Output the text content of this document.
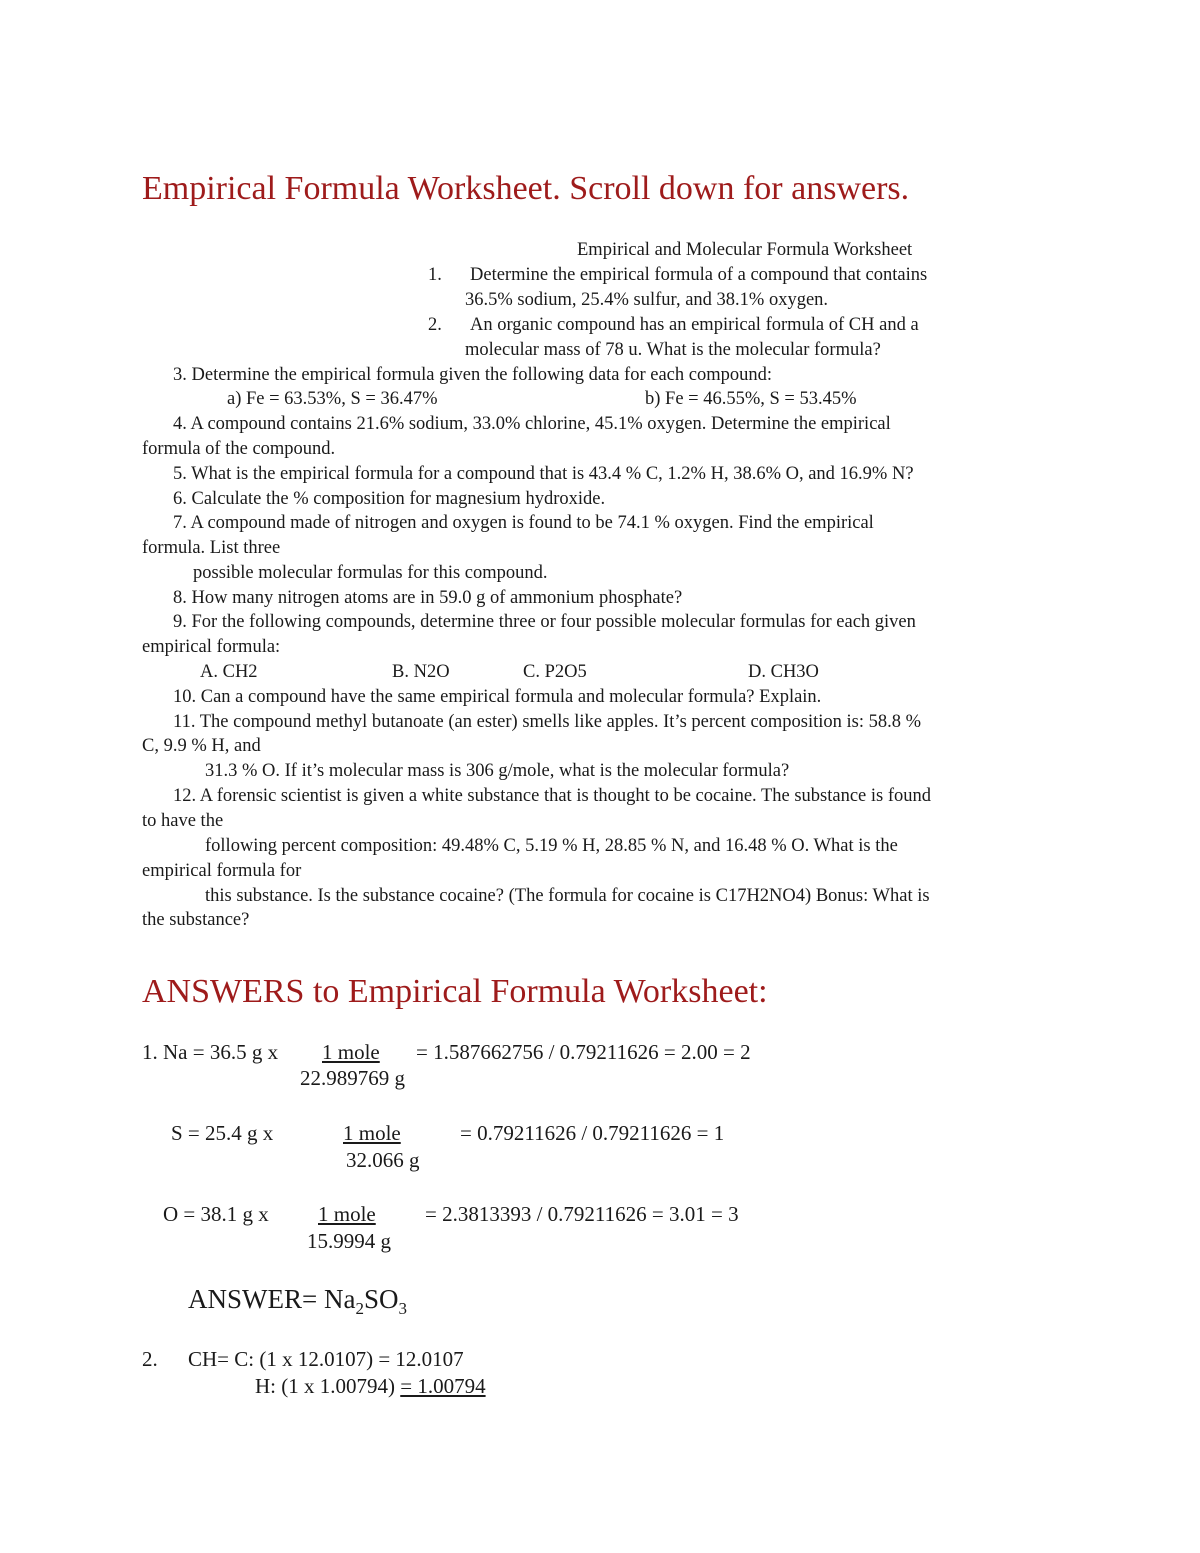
Empirical Formula Worksheet. Scroll down for answers.
Empirical and Molecular Formula Worksheet
1. Determine the empirical formula of a compound that contains
36.5% sodium, 25.4% sulfur, and 38.1% oxygen.
2. An organic compound has an empirical formula of CH and a
molecular mass of 78 u. What is the molecular formula?
3. Determine the empirical formula given the following data for each compound:
a) Fe = 63.53%, S = 36.47%	b) Fe = 46.55%, S = 53.45%
4. A compound contains 21.6% sodium, 33.0% chlorine, 45.1% oxygen. Determine the empirical
formula of the compound.
5. What is the empirical formula for a compound that is 43.4 % C, 1.2% H, 38.6% O, and 16.9% N?
6. Calculate the % composition for magnesium hydroxide.
7. A compound made of nitrogen and oxygen is found to be 74.1 % oxygen. Find the empirical
formula. List three
possible molecular formulas for this compound.
8. How many nitrogen atoms are in 59.0 g of ammonium phosphate?
9. For the following compounds, determine three or four possible molecular formulas for each given
empirical formula:
A. CH2	B. N2O	C. P2O5	D. CH3O
10. Can a compound have the same empirical formula and molecular formula? Explain.
11. The compound methyl butanoate (an ester) smells like apples. It’s percent composition is: 58.8 %
C, 9.9 % H, and
31.3 % O. If it’s molecular mass is 306 g/mole, what is the molecular formula?
12. A forensic scientist is given a white substance that is thought to be cocaine. The substance is found
to have the
following percent composition: 49.48% C, 5.19 % H, 28.85 % N, and 16.48 % O. What is the
empirical formula for
this substance. Is the substance cocaine? (The formula for cocaine is C17H2NO4) Bonus: What is
the substance?
ANSWERS to Empirical Formula Worksheet:
1. Na = 36.5 g x 1 mole = 1.587662756 / 0.79211626 = 2.00 = 2
22.989769 g
S = 25.4 g x	1 mole	= 0.79211626 / 0.79211626 = 1
32.066 g
O = 38.1 g x 1 mole = 2.3813393 / 0.79211626 = 3.01 = 3
15.9994 g
ANSWER= $Na_2SO_3$
2. CH= C: (1 x 12.0107) = 12.0107
H: (1 x 1.00794) = 1.00794
